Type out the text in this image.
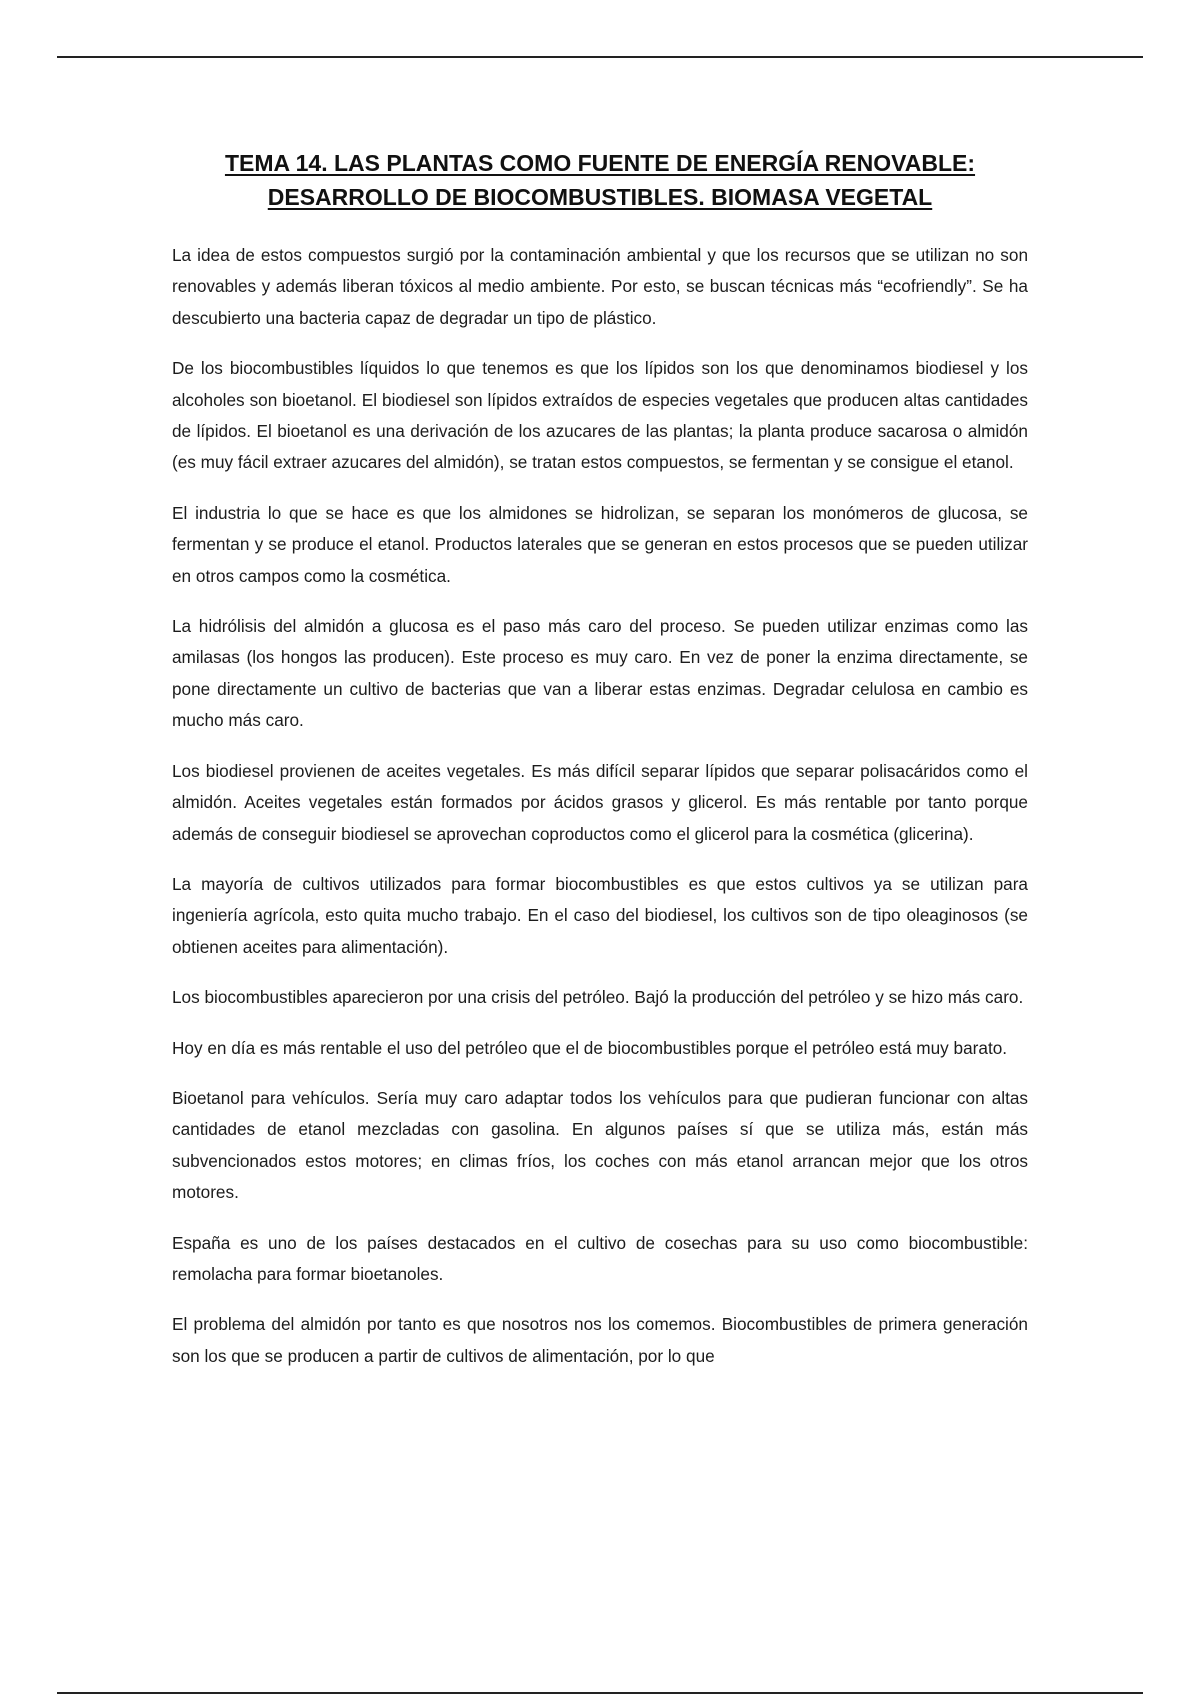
TEMA 14. LAS PLANTAS COMO FUENTE DE ENERGÍA RENOVABLE:
DESARROLLO DE BIOCOMBUSTIBLES. BIOMASA VEGETAL

La idea de estos compuestos surgió por la contaminación ambiental y que los recursos que se utilizan no son renovables y además liberan tóxicos al medio ambiente. Por esto, se buscan técnicas más “ecofriendly”. Se ha descubierto una bacteria capaz de degradar un tipo de plástico.

De los biocombustibles líquidos lo que tenemos es que los lípidos son los que denominamos biodiesel y los alcoholes son bioetanol. El biodiesel son lípidos extraídos de especies vegetales que producen altas cantidades de lípidos. El bioetanol es una derivación de los azucares de las plantas; la planta produce sacarosa o almidón (es muy fácil extraer azucares del almidón), se tratan estos compuestos, se fermentan y se consigue el etanol.

El industria lo que se hace es que los almidones se hidrolizan, se separan los monómeros de glucosa, se fermentan y se produce el etanol. Productos laterales que se generan en estos procesos que se pueden utilizar en otros campos como la cosmética.

La hidrólisis del almidón a glucosa es el paso más caro del proceso. Se pueden utilizar enzimas como las amilasas (los hongos las producen). Este proceso es muy caro. En vez de poner la enzima directamente, se pone directamente un cultivo de bacterias que van a liberar estas enzimas. Degradar celulosa en cambio es mucho más caro.

Los biodiesel provienen de aceites vegetales. Es más difícil separar lípidos que separar polisacáridos como el almidón. Aceites vegetales están formados por ácidos grasos y glicerol. Es más rentable por tanto porque además de conseguir biodiesel se aprovechan coproductos como el glicerol para la cosmética (glicerina).

La mayoría de cultivos utilizados para formar biocombustibles es que estos cultivos ya se utilizan para ingeniería agrícola, esto quita mucho trabajo. En el caso del biodiesel, los cultivos son de tipo oleaginosos (se obtienen aceites para alimentación).

Los biocombustibles aparecieron por una crisis del petróleo. Bajó la producción del petróleo y se hizo más caro.

Hoy en día es más rentable el uso del petróleo que el de biocombustibles porque el petróleo está muy barato.

Bioetanol para vehículos. Sería muy caro adaptar todos los vehículos para que pudieran funcionar con altas cantidades de etanol mezcladas con gasolina. En algunos países sí que se utiliza más, están más subvencionados estos motores; en climas fríos, los coches con más etanol arrancan mejor que los otros motores.

España es uno de los países destacados en el cultivo de cosechas para su uso como biocombustible: remolacha para formar bioetanoles.

El problema del almidón por tanto es que nosotros nos los comemos. Biocombustibles de primera generación son los que se producen a partir de cultivos de alimentación, por lo que
